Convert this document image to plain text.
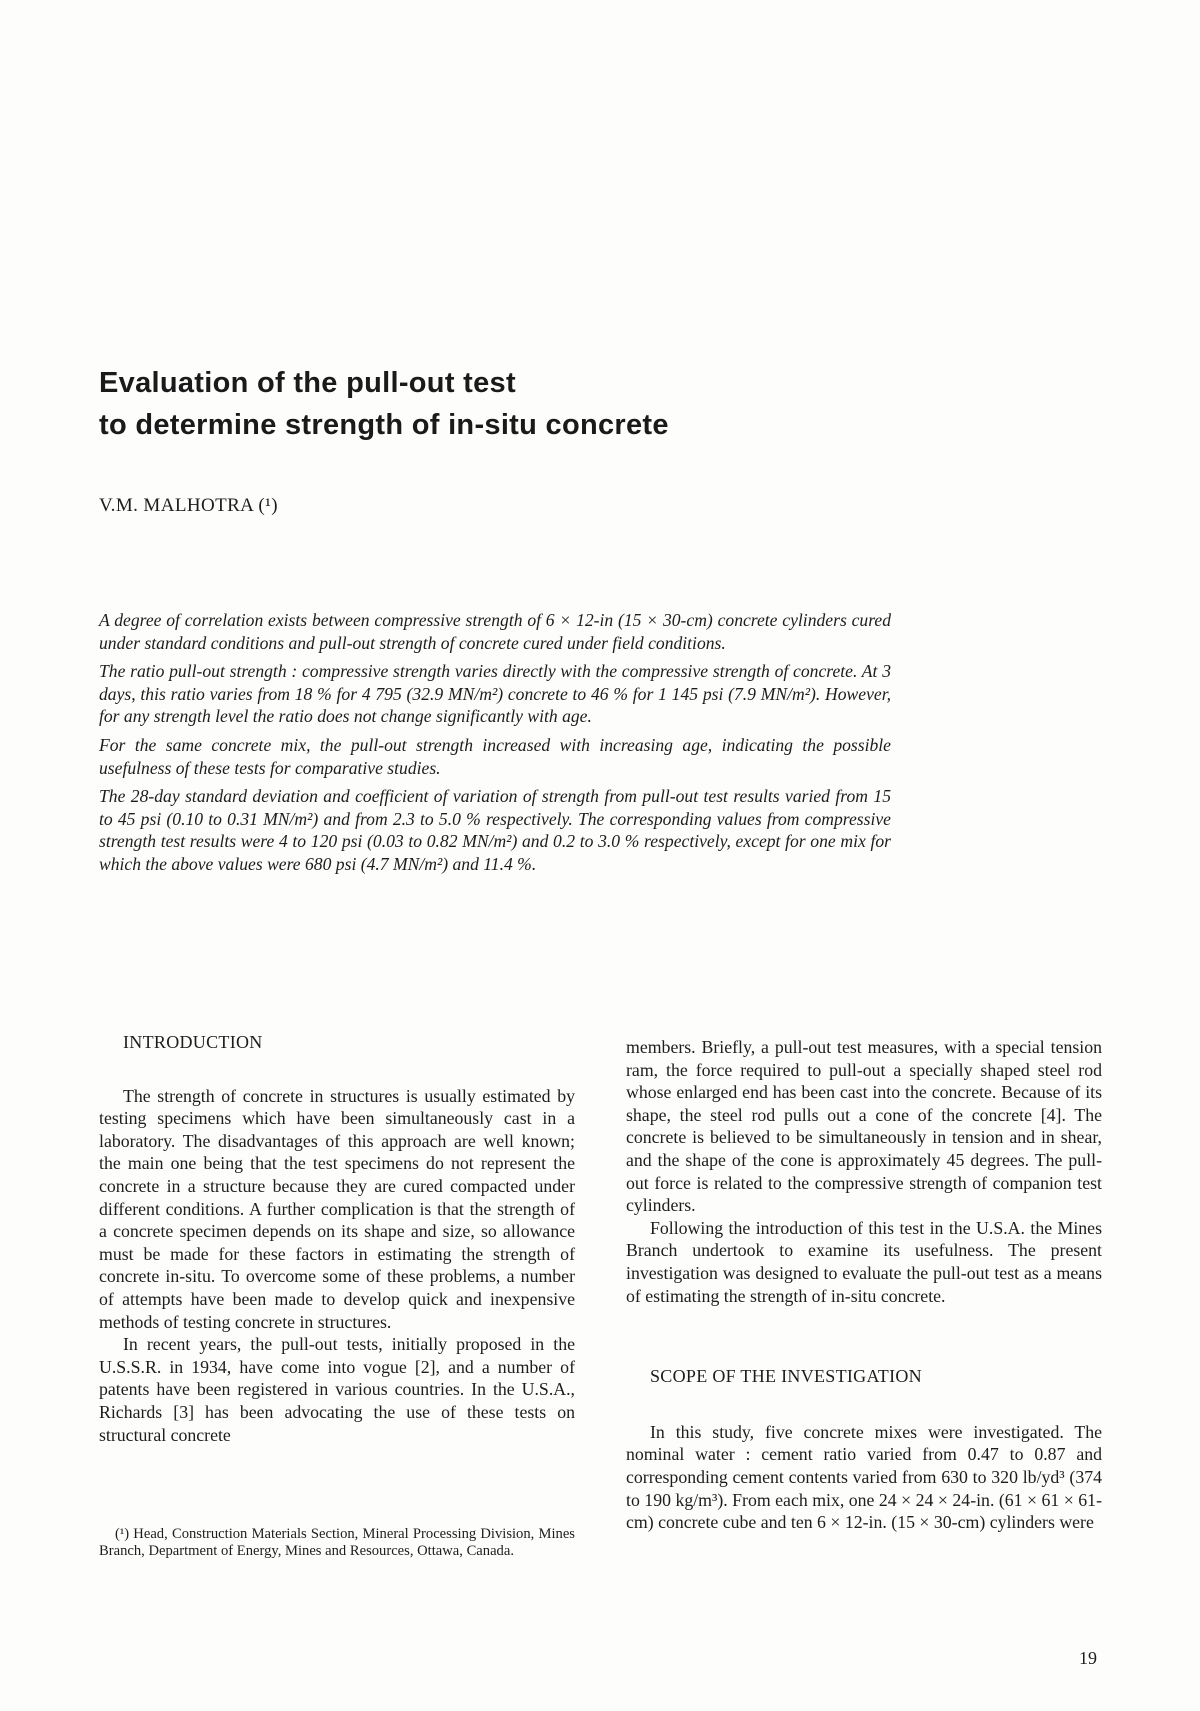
Evaluation of the pull-out test
to determine strength of in-situ concrete
V.M. MALHOTRA (¹)

A degree of correlation exists between compressive strength of 6 × 12-in (15 × 30-cm) concrete cylinders cured under standard conditions and pull-out strength of concrete cured under field conditions.

The ratio pull-out strength : compressive strength varies directly with the compressive strength of concrete. At 3 days, this ratio varies from 18 % for 4 795 (32.9 MN/m²) concrete to 46 % for 1 145 psi (7.9 MN/m²). However, for any strength level the ratio does not change significantly with age.

For the same concrete mix, the pull-out strength increased with increasing age, indicating the possible usefulness of these tests for comparative studies.

The 28-day standard deviation and coefficient of variation of strength from pull-out test results varied from 15 to 45 psi (0.10 to 0.31 MN/m²) and from 2.3 to 5.0 % respectively. The corresponding values from compressive strength test results were 4 to 120 psi (0.03 to 0.82 MN/m²) and 0.2 to 3.0 % respectively, except for one mix for which the above values were 680 psi (4.7 MN/m²) and 11.4 %.

INTRODUCTION

The strength of concrete in structures is usually estimated by testing specimens which have been simultaneously cast in a laboratory. The disadvantages of this approach are well known; the main one being that the test specimens do not represent the concrete in a structure because they are cured compacted under different conditions. A further complication is that the strength of a concrete specimen depends on its shape and size, so allowance must be made for these factors in estimating the strength of concrete in-situ. To overcome some of these problems, a number of attempts have been made to develop quick and inexpensive methods of testing concrete in structures.

In recent years, the pull-out tests, initially proposed in the U.S.S.R. in 1934, have come into vogue [2], and a number of patents have been registered in various countries. In the U.S.A., Richards [3] has been advocating the use of these tests on structural concrete

(¹) Head, Construction Materials Section, Mineral Processing Division, Mines Branch, Department of Energy, Mines and Resources, Ottawa, Canada.

members. Briefly, a pull-out test measures, with a special tension ram, the force required to pull-out a specially shaped steel rod whose enlarged end has been cast into the concrete. Because of its shape, the steel rod pulls out a cone of the concrete [4]. The concrete is believed to be simultaneously in tension and in shear, and the shape of the cone is approximately 45 degrees. The pull-out force is related to the compressive strength of companion test cylinders.

Following the introduction of this test in the U.S.A. the Mines Branch undertook to examine its usefulness. The present investigation was designed to evaluate the pull-out test as a means of estimating the strength of in-situ concrete.

SCOPE OF THE INVESTIGATION

In this study, five concrete mixes were investigated. The nominal water : cement ratio varied from 0.47 to 0.87 and corresponding cement contents varied from 630 to 320 lb/yd³ (374 to 190 kg/m³). From each mix, one 24 × 24 × 24-in. (61 × 61 × 61-cm) concrete cube and ten 6 × 12-in. (15 × 30-cm) cylinders were

19
